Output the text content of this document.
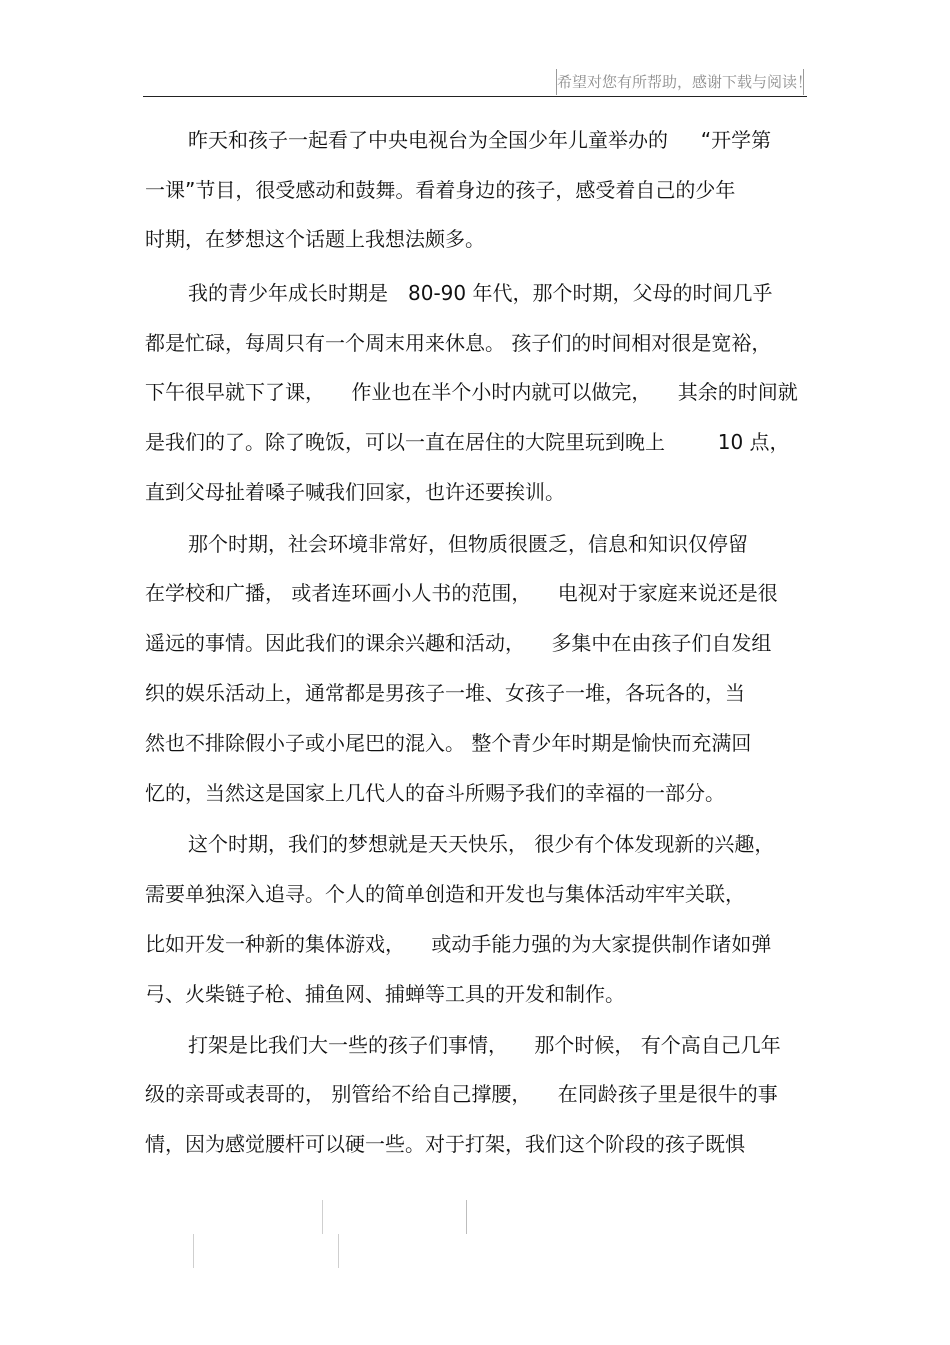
希望对您有所帮助，感谢下载与阅读！

昨天和孩子一起看了中央电视台为全国少年儿童举办的 　 “开学第

一课”节目，很受感动和鼓舞。看着身边的孩子，感受着自己的少年

时期，在梦想这个话题上我想法颇多。

我的青少年成长时期是　80-90 年代，那个时期，父母的时间几乎

都是忙碌，每周只有一个周末用来休息。 孩子们的时间相对很是宽裕，

下午很早就下了课， 　作业也在半个小时内就可以做完， 　其余的时间就

是我们的了。除了晚饭，可以一直在居住的大院里玩到晚上 　 　10 点，

直到父母扯着嗓子喊我们回家，也许还要挨训。

那个时期，社会环境非常好，但物质很匮乏，信息和知识仅停留

在学校和广播， 或者连环画小人书的范围， 　电视对于家庭来说还是很

遥远的事情。因此我们的课余兴趣和活动， 　多集中在由孩子们自发组

织的娱乐活动上，通常都是男孩子一堆、女孩子一堆，各玩各的，当

然也不排除假小子或小尾巴的混入。 整个青少年时期是愉快而充满回

忆的，当然这是国家上几代人的奋斗所赐予我们的幸福的一部分。

这个时期，我们的梦想就是天天快乐， 很少有个体发现新的兴趣，

需要单独深入追寻。个人的简单创造和开发也与集体活动牢牢关联，

比如开发一种新的集体游戏， 　或动手能力强的为大家提供制作诸如弹

弓、火柴链子枪、捕鱼网、捕蝉等工具的开发和制作。

打架是比我们大一些的孩子们事情， 　那个时候， 有个高自己几年

级的亲哥或表哥的， 别管给不给自己撑腰， 　在同龄孩子里是很牛的事

情，因为感觉腰杆可以硬一些。对于打架，我们这个阶段的孩子既惧
